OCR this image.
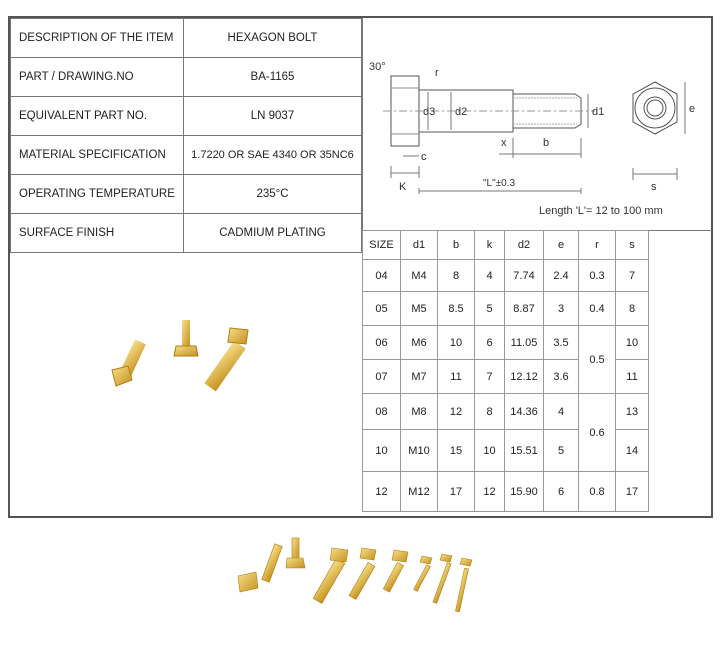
DESCRIPTION OF THE ITEM	HEXAGON BOLT
PART / DRAWING.NO	BA-1165
EQUIVALENT PART NO.	LN 9037
MATERIAL SPECIFICATION	1.7220 OR SAE 4340 OR 35NC6
OPERATING TEMPERATURE	235°C
SURFACE FINISH	CADMIUM PLATING
30°	r
d3 d2	d1
x	b
c
K	"L"±0.3
e
s
Length 'L'= 12 to 100 mm
SIZE	d1	b	k	d2	e	r	s
04	M4	8	4	7.74	2.4	0.3	7
05	M5	8.5	5	8.87	3	0.4	8
06	M6	10	6	11.05	3.5	0.5	10
07	M7	11	7	12.12	3.6		11
08	M8	12	8	14.36	4	0.6	13
10	M10	15	10	15.51	5		14
12	M12	17	12	15.90	6	0.8	17
